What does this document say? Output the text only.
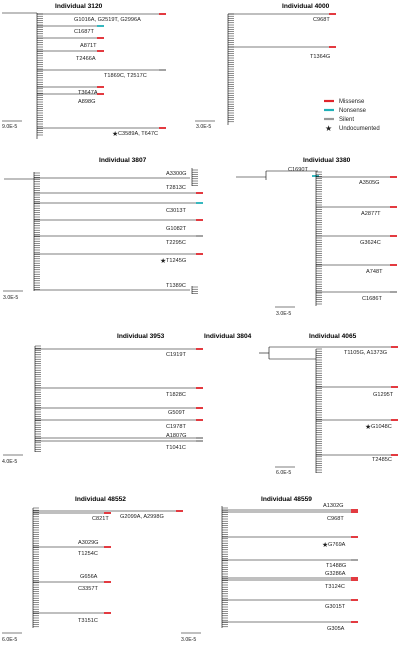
Missense
Nonsense
Silent
★ Undocumented
Individual 3120
G1016A, G2519T, G2996A
C1687T
A871T
T2466A
T1869C, T2517C
T3647A
A898G
★ C3589A, T647C
9.0E-5
Individual 4000
C968T
T1364G
3.0E-5
Individual 3807
A3300G
T2813C
C3013T
G1082T
T2295C
★ T1245G
T1389C
3.0E-5
Individual 3380
C1690T
A3505G
A2877T
G3624C
A748T
C1686T
3.0E-5
Individual 3953
C1919T
T1828C
G509T
C1978T
A1807G
T1041C
4.0E-5
Individual 3804	Individual 4065
T1105G, A1373G
G1295T
★ G1048C
T2485C
6.0E-5
Individual 48552
G2099A, A2998G
C821T
A3029G
T1254C
G656A
C3357T
T3151C
6.0E-5
Individual 48559
A1302G
C968T
★ G769A
T1488G
G3286A
T3124C
G3015T
G305A
3.0E-5
